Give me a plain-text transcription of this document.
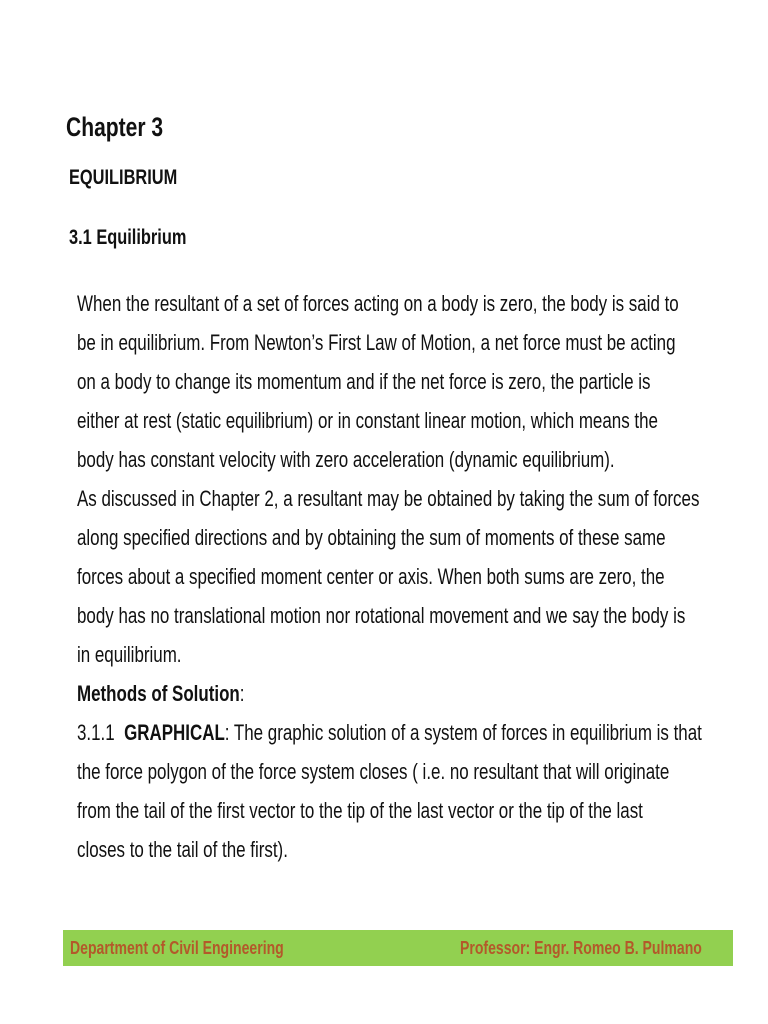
Chapter 3
EQUILIBRIUM
3.1 Equilibrium
When the resultant of a set of forces acting on a body is zero, the body is said to
be in equilibrium. From Newton’s First Law of Motion, a net force must be acting
on a body to change its momentum and if the net force is zero, the particle is
either at rest (static equilibrium) or in constant linear motion, which means the
body has constant velocity with zero acceleration (dynamic equilibrium).
As discussed in Chapter 2, a resultant may be obtained by taking the sum of forces
along specified directions and by obtaining the sum of moments of these same
forces about a specified moment center or axis. When both sums are zero, the
body has no translational motion nor rotational movement and we say the body is
in equilibrium.
Methods of Solution:
3.1.1  GRAPHICAL: The graphic solution of a system of forces in equilibrium is that
the force polygon of the force system closes ( i.e. no resultant that will originate
from the tail of the first vector to the tip of the last vector or the tip of the last
closes to the tail of the first).
Department of Civil Engineering	Professor: Engr. Romeo B. Pulmano
